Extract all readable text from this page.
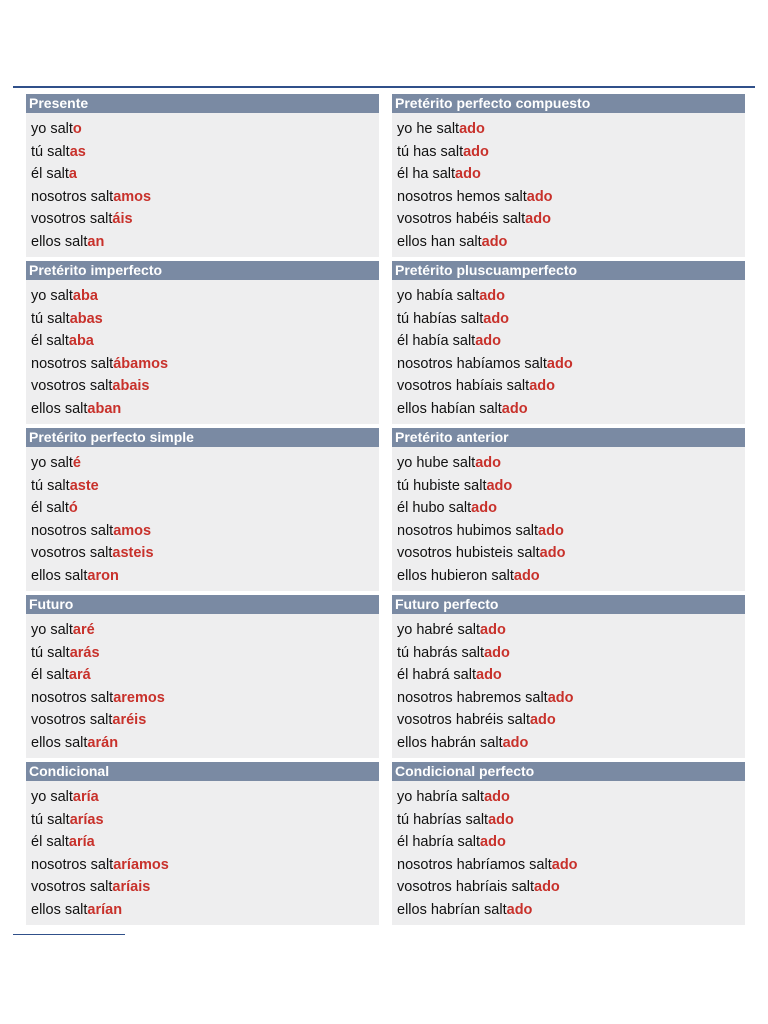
Presente
yo salto
tú saltas
él salta
nosotros saltamos
vosotros saltáis
ellos saltan
Pretérito imperfecto
yo saltaba
tú saltabas
él saltaba
nosotros saltábamos
vosotros saltabais
ellos saltaban
Pretérito perfecto simple
yo salté
tú saltaste
él saltó
nosotros saltamos
vosotros saltasteis
ellos saltaron
Futuro
yo saltaré
tú saltarás
él saltará
nosotros saltaremos
vosotros saltaréis
ellos saltarán
Condicional
yo saltaría
tú saltarías
él saltaría
nosotros saltaríamos
vosotros saltaríais
ellos saltarían
Pretérito perfecto compuesto
yo he saltado
tú has saltado
él ha saltado
nosotros hemos saltado
vosotros habéis saltado
ellos han saltado
Pretérito pluscuamperfecto
yo había saltado
tú habías saltado
él había saltado
nosotros habíamos saltado
vosotros habíais saltado
ellos habían saltado
Pretérito anterior
yo hube saltado
tú hubiste saltado
él hubo saltado
nosotros hubimos saltado
vosotros hubisteis saltado
ellos hubieron saltado
Futuro perfecto
yo habré saltado
tú habrás saltado
él habrá saltado
nosotros habremos saltado
vosotros habréis saltado
ellos habrán saltado
Condicional perfecto
yo habría saltado
tú habrías saltado
él habría saltado
nosotros habríamos saltado
vosotros habríais saltado
ellos habrían saltado
